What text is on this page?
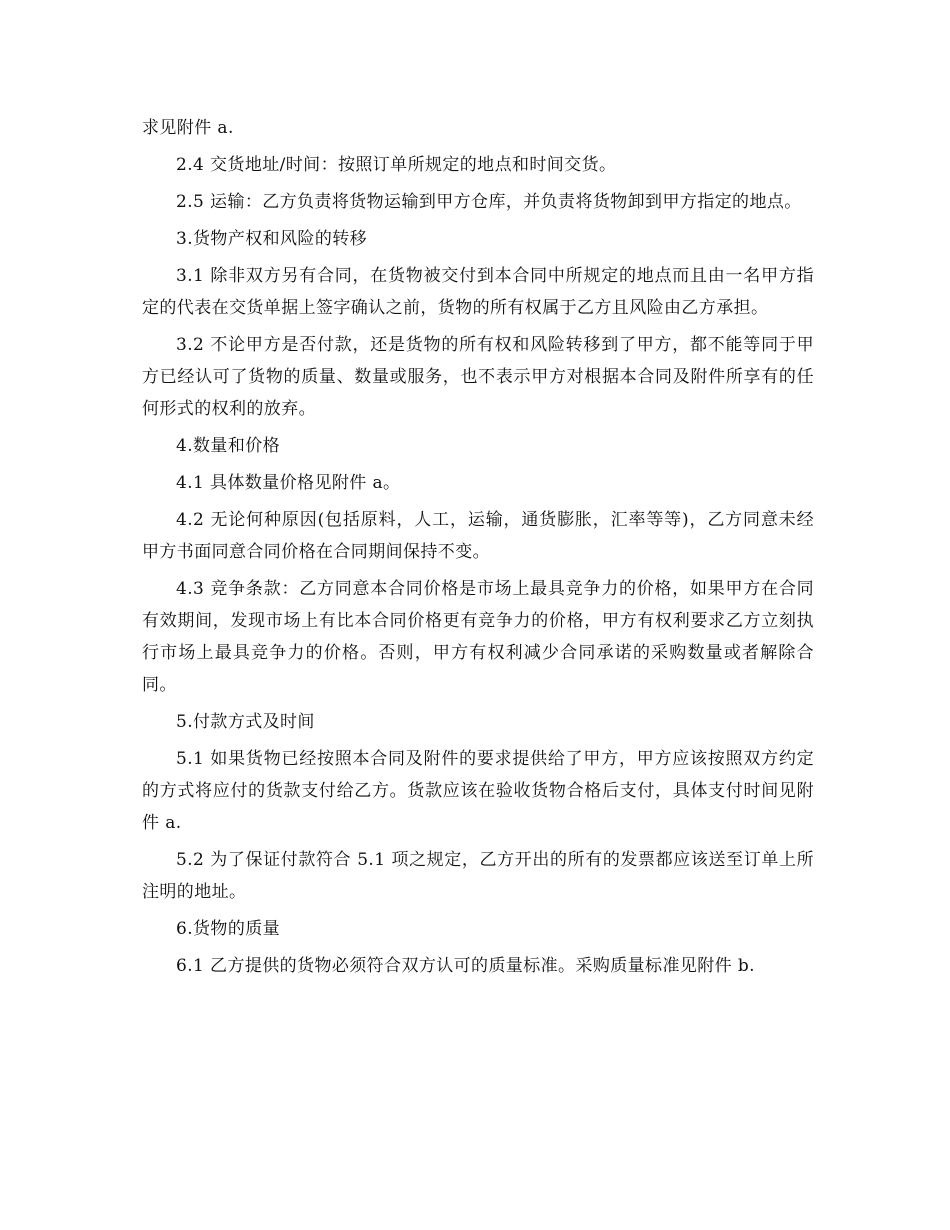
求见附件 a.

2.4 交货地址/时间：按照订单所规定的地点和时间交货。

2.5 运输：乙方负责将货物运输到甲方仓库，并负责将货物卸到甲方指定的地点。

3.货物产权和风险的转移

3.1 除非双方另有合同，在货物被交付到本合同中所规定的地点而且由一名甲方指定的代表在交货单据上签字确认之前，货物的所有权属于乙方且风险由乙方承担。

3.2 不论甲方是否付款，还是货物的所有权和风险转移到了甲方，都不能等同于甲方已经认可了货物的质量、数量或服务，也不表示甲方对根据本合同及附件所享有的任何形式的权利的放弃。

4.数量和价格

4.1 具体数量价格见附件 a。

4.2 无论何种原因(包括原料，人工，运输，通货膨胀，汇率等等)，乙方同意未经甲方书面同意合同价格在合同期间保持不变。

4.3 竞争条款：乙方同意本合同价格是市场上最具竞争力的价格，如果甲方在合同有效期间，发现市场上有比本合同价格更有竞争力的价格，甲方有权利要求乙方立刻执行市场上最具竞争力的价格。否则，甲方有权利减少合同承诺的采购数量或者解除合同。

5.付款方式及时间

5.1 如果货物已经按照本合同及附件的要求提供给了甲方，甲方应该按照双方约定的方式将应付的货款支付给乙方。货款应该在验收货物合格后支付，具体支付时间见附件 a.

5.2 为了保证付款符合 5.1 项之规定，乙方开出的所有的发票都应该送至订单上所注明的地址。

6.货物的质量

6.1 乙方提供的货物必须符合双方认可的质量标准。采购质量标准见附件 b.
